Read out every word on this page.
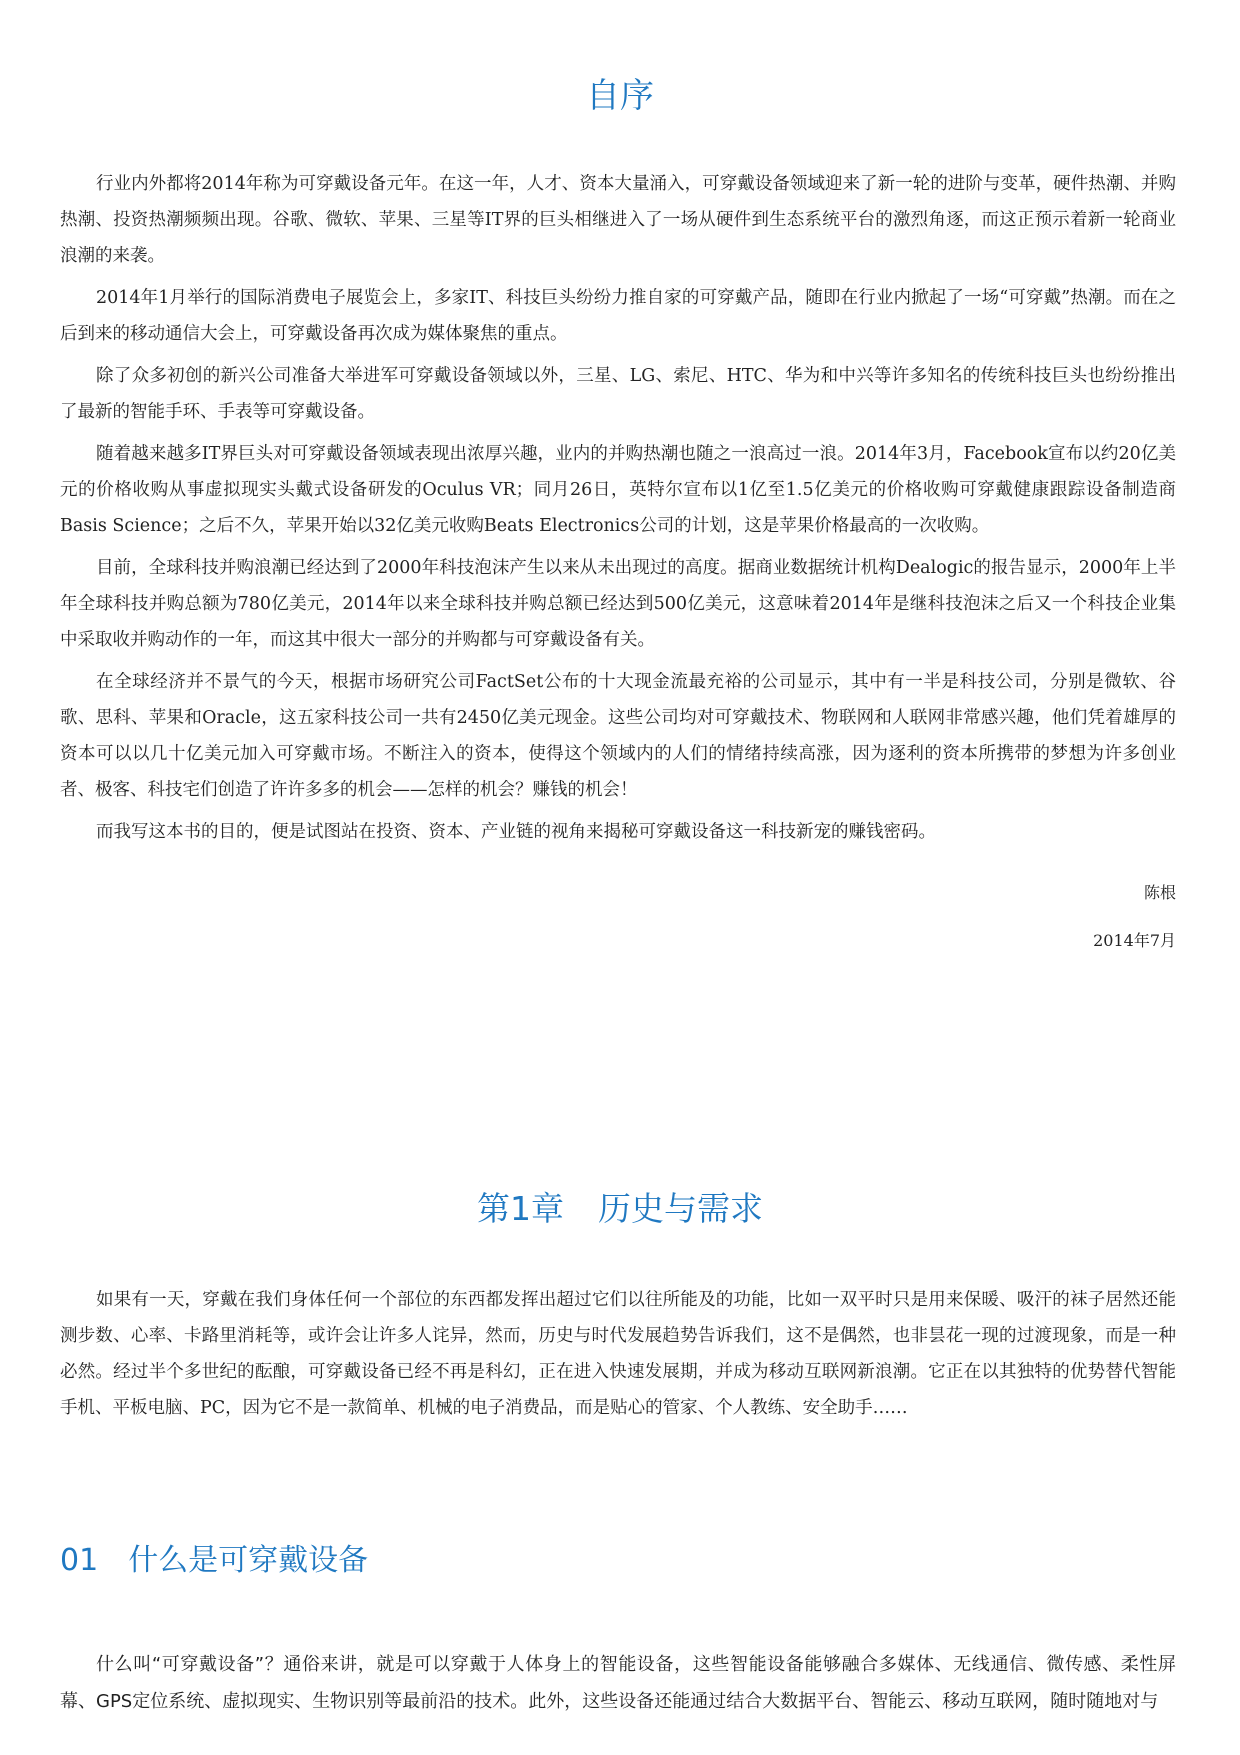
自序

行业内外都将2014年称为可穿戴设备元年。在这一年，人才、资本大量涌入，可穿戴设备领域迎来了新一轮的进阶与变革，硬件热潮、并购热潮、投资热潮频频出现。谷歌、微软、苹果、三星等IT界的巨头相继进入了一场从硬件到生态系统平台的激烈角逐，而这正预示着新一轮商业浪潮的来袭。

2014年1月举行的国际消费电子展览会上，多家IT、科技巨头纷纷力推自家的可穿戴产品，随即在行业内掀起了一场“可穿戴”热潮。而在之后到来的移动通信大会上，可穿戴设备再次成为媒体聚焦的重点。

除了众多初创的新兴公司准备大举进军可穿戴设备领域以外，三星、LG、索尼、HTC、华为和中兴等许多知名的传统科技巨头也纷纷推出了最新的智能手环、手表等可穿戴设备。

随着越来越多IT界巨头对可穿戴设备领域表现出浓厚兴趣，业内的并购热潮也随之一浪高过一浪。2014年3月，Facebook宣布以约20亿美元的价格收购从事虚拟现实头戴式设备研发的Oculus VR；同月26日，英特尔宣布以1亿至1.5亿美元的价格收购可穿戴健康跟踪设备制造商Basis Science；之后不久，苹果开始以32亿美元收购Beats Electronics公司的计划，这是苹果价格最高的一次收购。

目前，全球科技并购浪潮已经达到了2000年科技泡沫产生以来从未出现过的高度。据商业数据统计机构Dealogic的报告显示，2000年上半年全球科技并购总额为780亿美元，2014年以来全球科技并购总额已经达到500亿美元，这意味着2014年是继科技泡沫之后又一个科技企业集中采取收并购动作的一年，而这其中很大一部分的并购都与可穿戴设备有关。

在全球经济并不景气的今天，根据市场研究公司FactSet公布的十大现金流最充裕的公司显示，其中有一半是科技公司，分别是微软、谷歌、思科、苹果和Oracle，这五家科技公司一共有2450亿美元现金。这些公司均对可穿戴技术、物联网和人联网非常感兴趣，他们凭着雄厚的资本可以以几十亿美元加入可穿戴市场。不断注入的资本，使得这个领域内的人们的情绪持续高涨，因为逐利的资本所携带的梦想为许多创业者、极客、科技宅们创造了许许多多的机会——怎样的机会？赚钱的机会！

而我写这本书的目的，便是试图站在投资、资本、产业链的视角来揭秘可穿戴设备这一科技新宠的赚钱密码。

陈根

2014年7月

第1章 历史与需求

如果有一天，穿戴在我们身体任何一个部位的东西都发挥出超过它们以往所能及的功能，比如一双平时只是用来保暖、吸汗的袜子居然还能测步数、心率、卡路里消耗等，或许会让许多人诧异，然而，历史与时代发展趋势告诉我们，这不是偶然，也非昙花一现的过渡现象，而是一种必然。经过半个多世纪的酝酿，可穿戴设备已经不再是科幻，正在进入快速发展期，并成为移动互联网新浪潮。它正在以其独特的优势替代智能手机、平板电脑、PC，因为它不是一款简单、机械的电子消费品，而是贴心的管家、个人教练、安全助手……

01 什么是可穿戴设备

什么叫“可穿戴设备”？通俗来讲，就是可以穿戴于人体身上的智能设备，这些智能设备能够融合多媒体、无线通信、微传感、柔性屏幕、GPS定位系统、虚拟现实、生物识别等最前沿的技术。此外，这些设备还能通过结合大数据平台、智能云、移动互联网，随时随地对与
